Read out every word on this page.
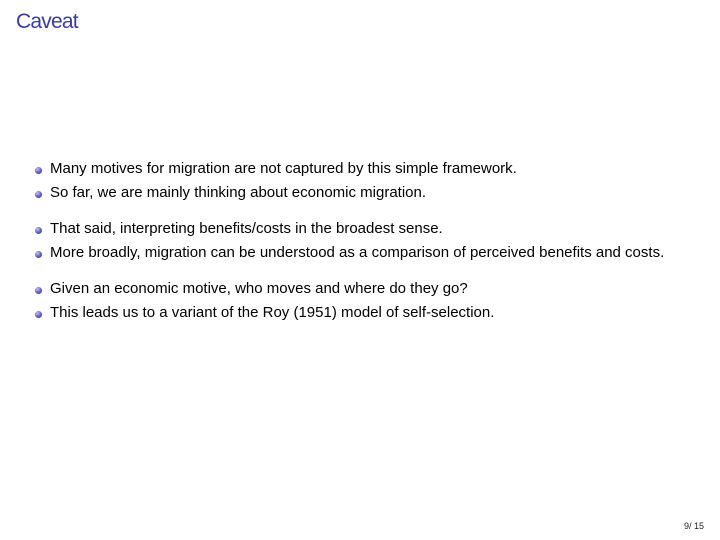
Caveat
Many motives for migration are not captured by this simple framework.
So far, we are mainly thinking about economic migration.
That said, interpreting benefits/costs in the broadest sense.
More broadly, migration can be understood as a comparison of perceived benefits and costs.
Given an economic motive, who moves and where do they go?
This leads us to a variant of the Roy (1951) model of self-selection.
9/ 15
